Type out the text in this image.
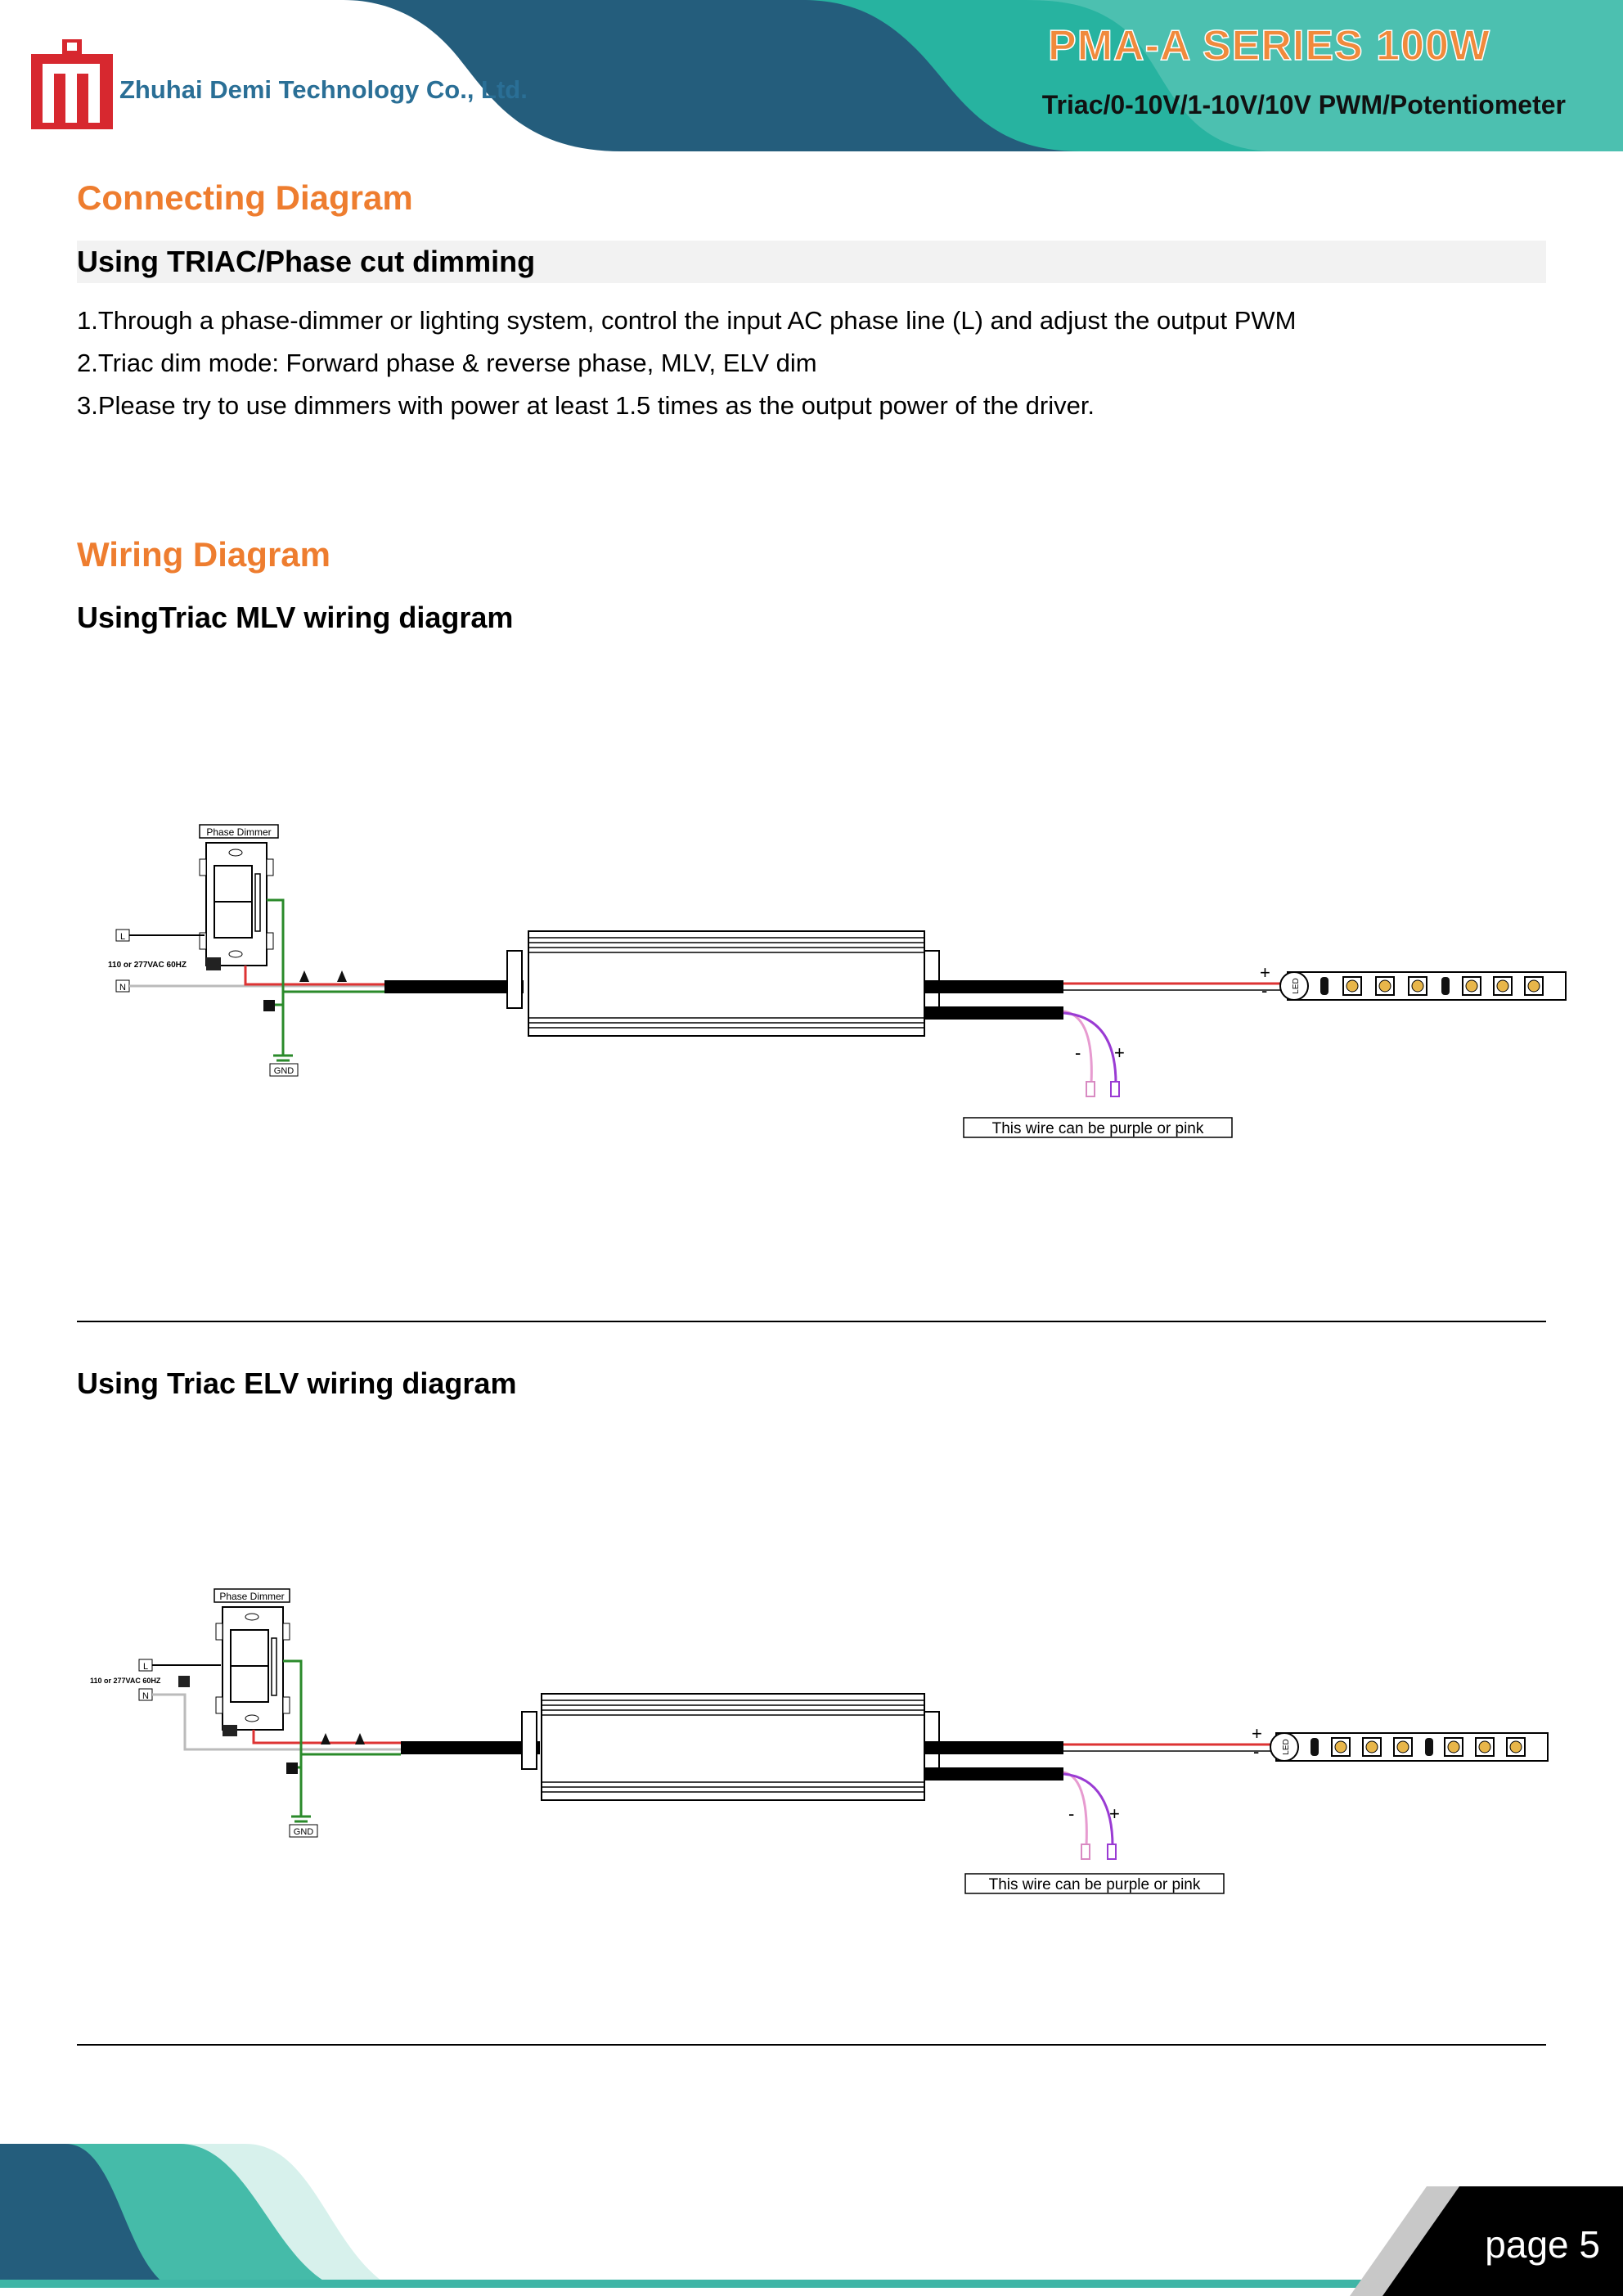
Zhuhai Demi Technology Co., Ltd.
PMA-A SERIES 100W
Triac/0-10V/1-10V/10V PWM/Potentiometer
Connecting Diagram
Using TRIAC/Phase cut dimming
1.Through a phase-dimmer or lighting system, control the input AC phase line (L) and adjust the output PWM
2.Triac dim mode: Forward phase & reverse phase, MLV, ELV dim
3.Please try to use dimmers with power at least 1.5 times as the output power of the driver.
Wiring Diagram
UsingTriac MLV wiring diagram
Phase Dimmer
L
110 or 277VAC 60HZ
N
GND
- +
This wire can be purple or pink
+
-	LED
Using Triac ELV wiring diagram
Phase Dimmer
L
110 or 277VAC 60HZ
N
GND
- +
This wire can be purple or pink
+
-	LED
page 5
